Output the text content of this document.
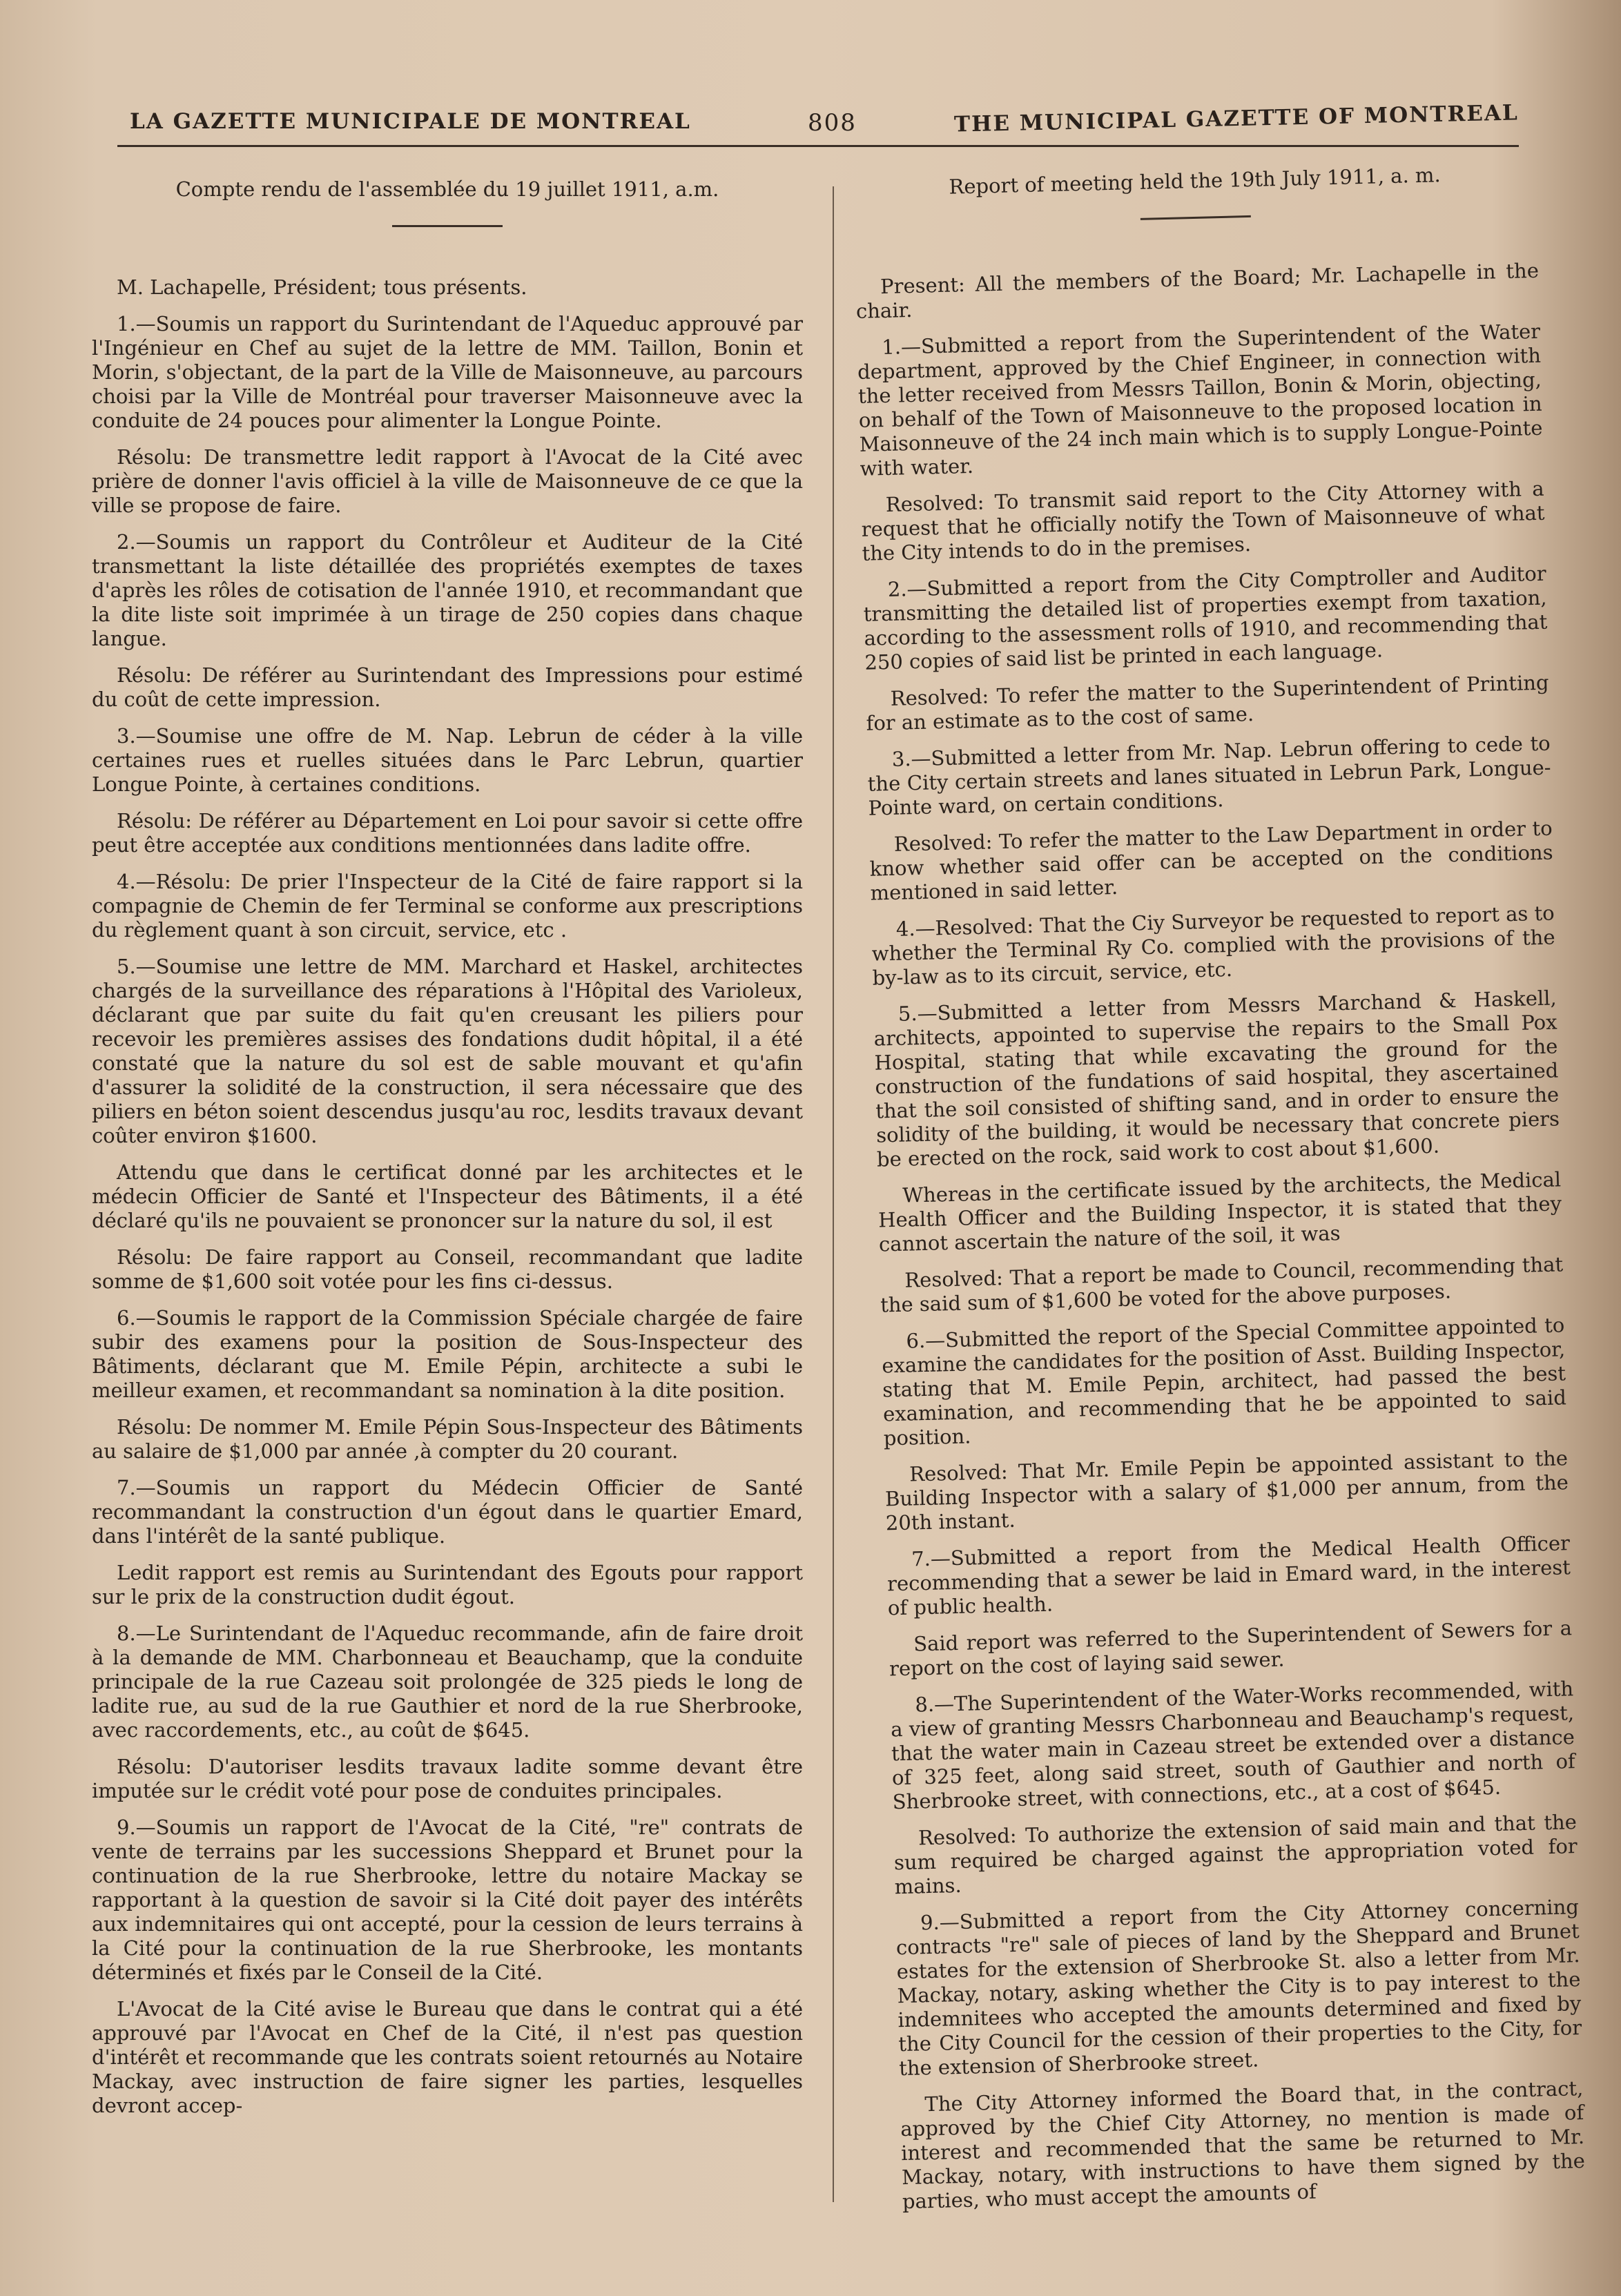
LA GAZETTE MUNICIPALE DE MONTREAL	808	THE MUNICIPAL GAZETTE OF MONTREAL
Compte rendu de l'assemblée du 19 juillet 1911, a.m.

M. Lachapelle, Président; tous présents.

1.—Soumis un rapport du Surintendant de l'Aqueduc approuvé par l'Ingénieur en Chef au sujet de la lettre de MM. Taillon, Bonin et Morin, s'objectant, de la part de la Ville de Maisonneuve, au parcours choisi par la Ville de Montréal pour traverser Maisonneuve avec la conduite de 24 pouces pour alimenter la Longue Pointe.

Résolu: De transmettre ledit rapport à l'Avocat de la Cité avec prière de donner l'avis officiel à la ville de Maisonneuve de ce que la ville se propose de faire.

2.—Soumis un rapport du Contrôleur et Auditeur de la Cité transmettant la liste détaillée des propriétés exemptes de taxes d'après les rôles de cotisation de l'année 1910, et recommandant que la dite liste soit imprimée à un tirage de 250 copies dans chaque langue.

Résolu: De référer au Surintendant des Impressions pour estimé du coût de cette impression.

3.—Soumise une offre de M. Nap. Lebrun de céder à la ville certaines rues et ruelles situées dans le Parc Lebrun, quartier Longue Pointe, à certaines conditions.

Résolu: De référer au Département en Loi pour savoir si cette offre peut être acceptée aux conditions mentionnées dans ladite offre.

4.—Résolu: De prier l'Inspecteur de la Cité de faire rapport si la compagnie de Chemin de fer Terminal se conforme aux prescriptions du règlement quant à son circuit, service, etc .

5.—Soumise une lettre de MM. Marchard et Haskel, architectes chargés de la surveillance des réparations à l'Hôpital des Varioleux, déclarant que par suite du fait qu'en creusant les piliers pour recevoir les premières assises des fondations dudit hôpital, il a été constaté que la nature du sol est de sable mouvant et qu'afin d'assurer la solidité de la construction, il sera nécessaire que des piliers en béton soient descendus jusqu'au roc, lesdits travaux devant coûter environ $1600.

Attendu que dans le certificat donné par les architectes et le médecin Officier de Santé et l'Inspecteur des Bâtiments, il a été déclaré qu'ils ne pouvaient se prononcer sur la nature du sol, il est

Résolu: De faire rapport au Conseil, recommandant que ladite somme de $1,600 soit votée pour les fins ci-dessus.

6.—Soumis le rapport de la Commission Spéciale chargée de faire subir des examens pour la position de Sous-Inspecteur des Bâtiments, déclarant que M. Emile Pépin, architecte a subi le meilleur examen, et recommandant sa nomination à la dite position.

Résolu: De nommer M. Emile Pépin Sous-Inspecteur des Bâtiments au salaire de $1,000 par année ,à compter du 20 courant.

7.—Soumis un rapport du Médecin Officier de Santé recommandant la construction d'un égout dans le quartier Emard, dans l'intérêt de la santé publique.

Ledit rapport est remis au Surintendant des Egouts pour rapport sur le prix de la construction dudit égout.

8.—Le Surintendant de l'Aqueduc recommande, afin de faire droit à la demande de MM. Charbonneau et Beauchamp, que la conduite principale de la rue Cazeau soit prolongée de 325 pieds le long de ladite rue, au sud de la rue Gauthier et nord de la rue Sherbrooke, avec raccordements, etc., au coût de $645.

Résolu: D'autoriser lesdits travaux ladite somme devant être imputée sur le crédit voté pour pose de conduites principales.

9.—Soumis un rapport de l'Avocat de la Cité, "re" contrats de vente de terrains par les successions Sheppard et Brunet pour la continuation de la rue Sherbrooke, lettre du notaire Mackay se rapportant à la question de savoir si la Cité doit payer des intérêts aux indemnitaires qui ont accepté, pour la cession de leurs terrains à la Cité pour la continuation de la rue Sherbrooke, les montants déterminés et fixés par le Conseil de la Cité.

L'Avocat de la Cité avise le Bureau que dans le contrat qui a été approuvé par l'Avocat en Chef de la Cité, il n'est pas question d'intérêt et recommande que les contrats soient retournés au Notaire Mackay, avec instruction de faire signer les parties, lesquelles devront accep-

Report of meeting held the 19th July 1911, a. m.

Present: All the members of the Board; Mr. Lachapelle in the chair.

1.—Submitted a report from the Superintendent of the Water department, approved by the Chief Engineer, in connection with the letter received from Messrs Taillon, Bonin & Morin, objecting, on behalf of the Town of Maisonneuve to the proposed location in Maisonneuve of the 24 inch main which is to supply Longue-Pointe with water.

Resolved: To transmit said report to the City Attorney with a request that he officially notify the Town of Maisonneuve of what the City intends to do in the premises.

2.—Submitted a report from the City Comptroller and Auditor transmitting the detailed list of properties exempt from taxation, according to the assessment rolls of 1910, and recommending that 250 copies of said list be printed in each language.

Resolved: To refer the matter to the Superintendent of Printing for an estimate as to the cost of same.

3.—Submitted a letter from Mr. Nap. Lebrun offering to cede to the City certain streets and lanes situated in Lebrun Park, Longue-Pointe ward, on certain conditions.

Resolved: To refer the matter to the Law Department in order to know whether said offer can be accepted on the conditions mentioned in said letter.

4.—Resolved: That the Ciy Surveyor be requested to report as to whether the Terminal Ry Co. complied with the provisions of the by-law as to its circuit, service, etc.

5.—Submitted a letter from Messrs Marchand & Haskell, architects, appointed to supervise the repairs to the Small Pox Hospital, stating that while excavating the ground for the construction of the fundations of said hospital, they ascertained that the soil consisted of shifting sand, and in order to ensure the solidity of the building, it would be necessary that concrete piers be erected on the rock, said work to cost about $1,600.

Whereas in the certificate issued by the architects, the Medical Health Officer and the Building Inspector, it is stated that they cannot ascertain the nature of the soil, it was

Resolved: That a report be made to Council, recommending that the said sum of $1,600 be voted for the above purposes.

6.—Submitted the report of the Special Committee appointed to examine the candidates for the position of Asst. Building Inspector, stating that M. Emile Pepin, architect, had passed the best examination, and recommending that he be appointed to said position.

Resolved: That Mr. Emile Pepin be appointed assistant to the Building Inspector with a salary of $1,000 per annum, from the 20th instant.

7.—Submitted a report from the Medical Health Officer recommending that a sewer be laid in Emard ward, in the interest of public health.

Said report was referred to the Superintendent of Sewers for a report on the cost of laying said sewer.

8.—The Superintendent of the Water-Works recommended, with a view of granting Messrs Charbonneau and Beauchamp's request, that the water main in Cazeau street be extended over a distance of 325 feet, along said street, south of Gauthier and north of Sherbrooke street, with connections, etc., at a cost of $645.

Resolved: To authorize the extension of said main and that the sum required be charged against the appropriation voted for mains.

9.—Submitted a report from the City Attorney concerning contracts "re" sale of pieces of land by the Sheppard and Brunet estates for the extension of Sherbrooke St. also a letter from Mr. Mackay, notary, asking whether the City is to pay interest to the indemnitees who accepted the amounts determined and fixed by the City Council for the cession of their properties to the City, for the extension of Sherbrooke street.

The City Attorney informed the Board that, in the contract, approved by the Chief City Attorney, no mention is made of interest and recommended that the same be returned to Mr. Mackay, notary, with instructions to have them signed by the parties, who must accept the amounts of
